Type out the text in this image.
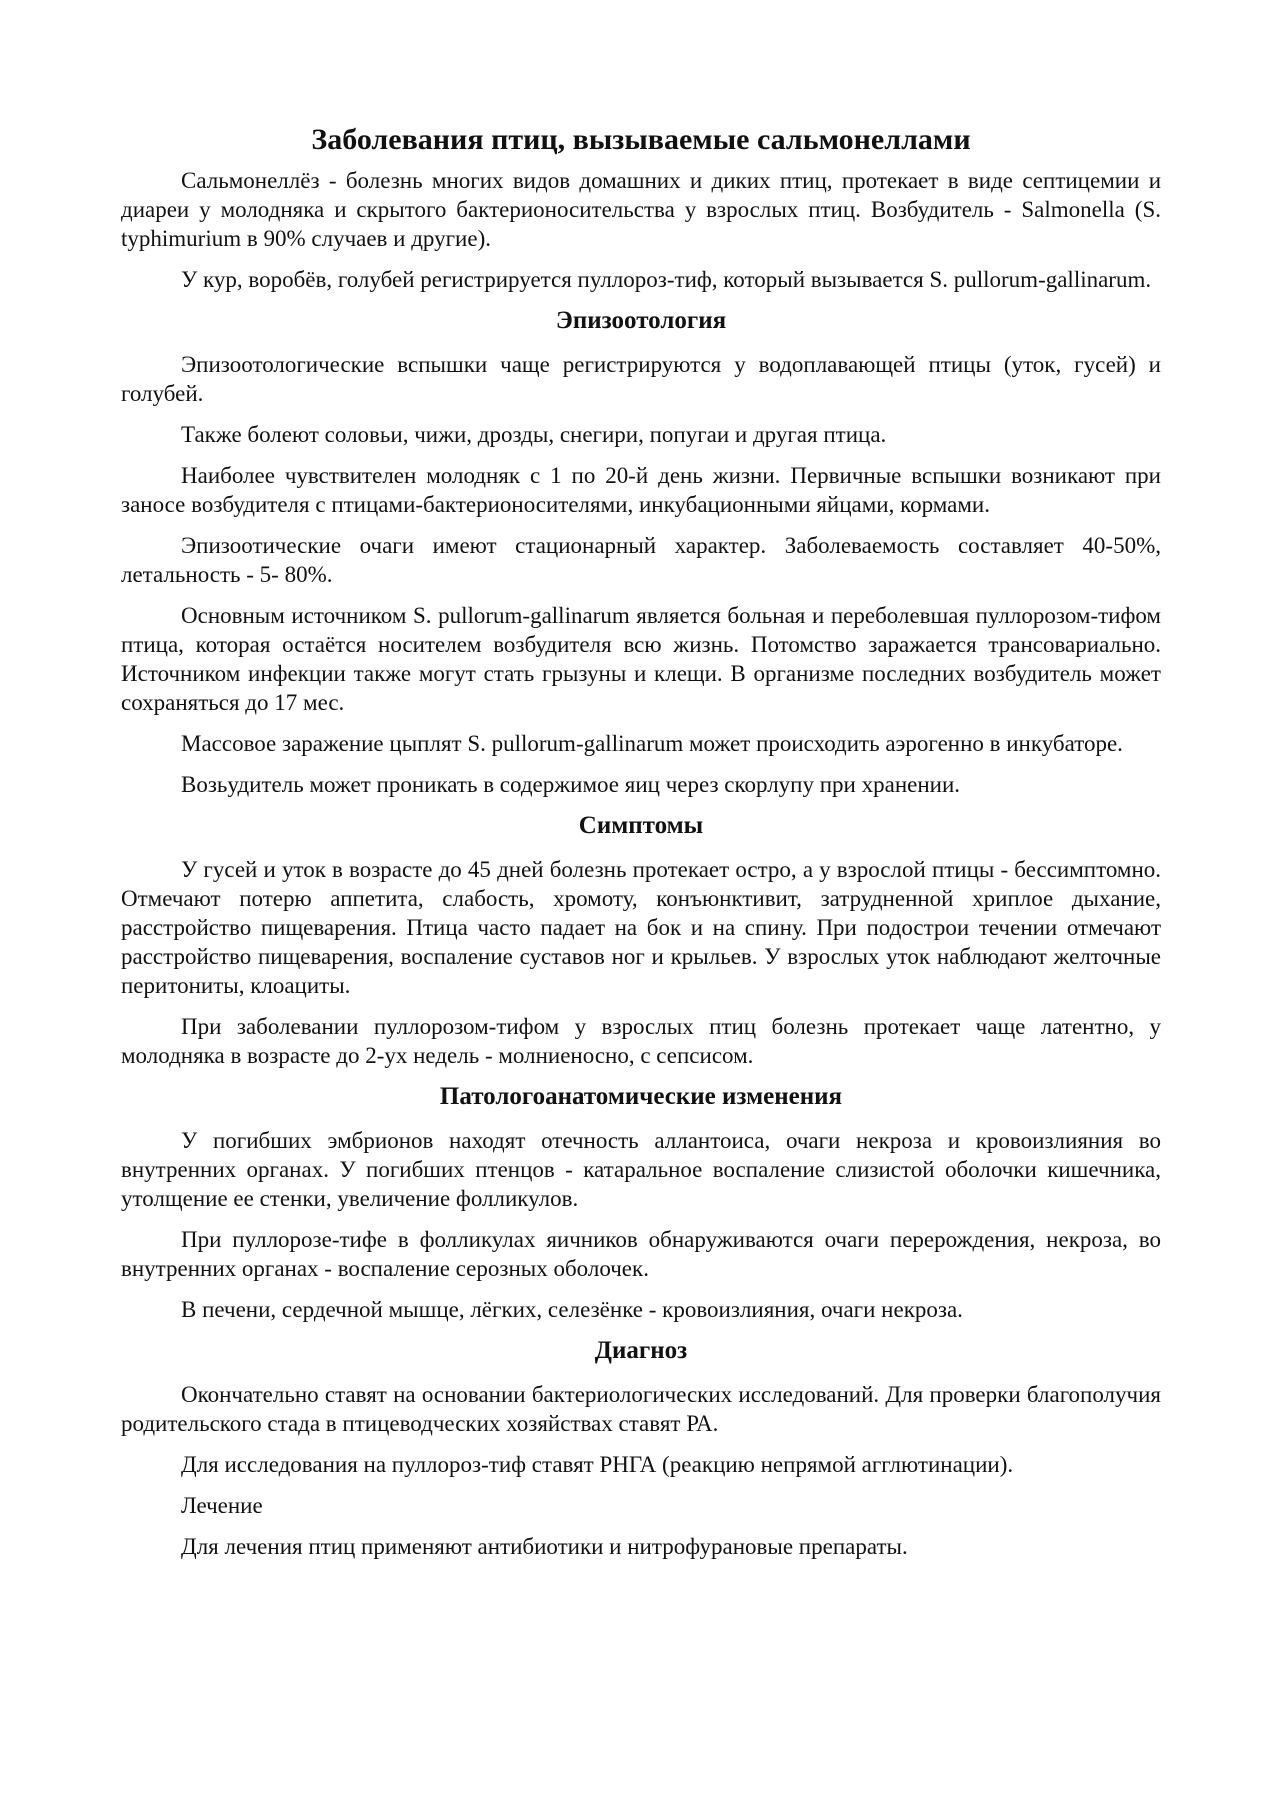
Заболевания птиц, вызываемые сальмонеллами

Сальмонеллёз - болезнь многих видов домашних и диких птиц, протекает в виде септицемии и диареи у молодняка и скрытого бактерионосительства у взрослых птиц. Возбудитель - Salmonella (S. typhimurium в 90% случаев и другие).

У кур, воробёв, голубей регистрируется пуллороз-тиф, который вызывается S. pullorum-gallinarum.

Эпизоотология

Эпизоотологические вспышки чаще регистрируются у водоплавающей птицы (уток, гусей) и голубей.

Также болеют соловьи, чижи, дрозды, снегири, попугаи и другая птица.

Наиболее чувствителен молодняк с 1 по 20-й день жизни. Первичные вспышки возникают при заносе возбудителя с птицами-бактерионосителями, инкубационными яйцами, кормами.

Эпизоотические очаги имеют стационарный характер. Заболеваемость составляет 40-50%, летальность - 5- 80%.

Основным источником S. pullorum-gallinarum является больная и переболевшая пуллорозом-тифом птица, которая остаётся носителем возбудителя всю жизнь. Потомство заражается трансовариально. Источником инфекции также могут стать грызуны и клещи. В организме последних возбудитель может сохраняться до 17 мес.

Массовое заражение цыплят S. pullorum-gallinarum может происходить аэрогенно в инкубаторе.

Возьудитель может проникать в содержимое яиц через скорлупу при хранении.

Симптомы

У гусей и уток в возрасте до 45 дней болезнь протекает остро, а у взрослой птицы - бессимптомно. Отмечают потерю аппетита, слабость, хромоту, конъюнктивит, затрудненной хриплое дыхание, расстройство пищеварения. Птица часто падает на бок и на спину. При подострои течении отмечают расстройство пищеварения, воспаление суставов ног и крыльев. У взрослых уток наблюдают желточные перитониты, клоациты.

При заболевании пуллорозом-тифом у взрослых птиц болезнь протекает чаще латентно, у молодняка в возрасте до 2-ух недель - молниеносно, с сепсисом.

Патологоанатомические изменения

У погибших эмбрионов находят отечность аллантоиса, очаги некроза и кровоизлияния во внутренних органах. У погибших птенцов - катаральное воспаление слизистой оболочки кишечника, утолщение ее стенки, увеличение фолликулов.

При пуллорозе-тифе в фолликулах яичников обнаруживаются очаги перерождения, некроза, во внутренних органах - воспаление серозных оболочек.

В печени, сердечной мышце, лёгких, селезёнке - кровоизлияния, очаги некроза.

Диагноз

Окончательно ставят на основании бактериологических исследований. Для проверки благополучия родительского стада в птицеводческих хозяйствах ставят РА.

Для исследования на пуллороз-тиф ставят РНГА (реакцию непрямой агглютинации).

Лечение

Для лечения птиц применяют антибиотики и нитрофурановые препараты.
